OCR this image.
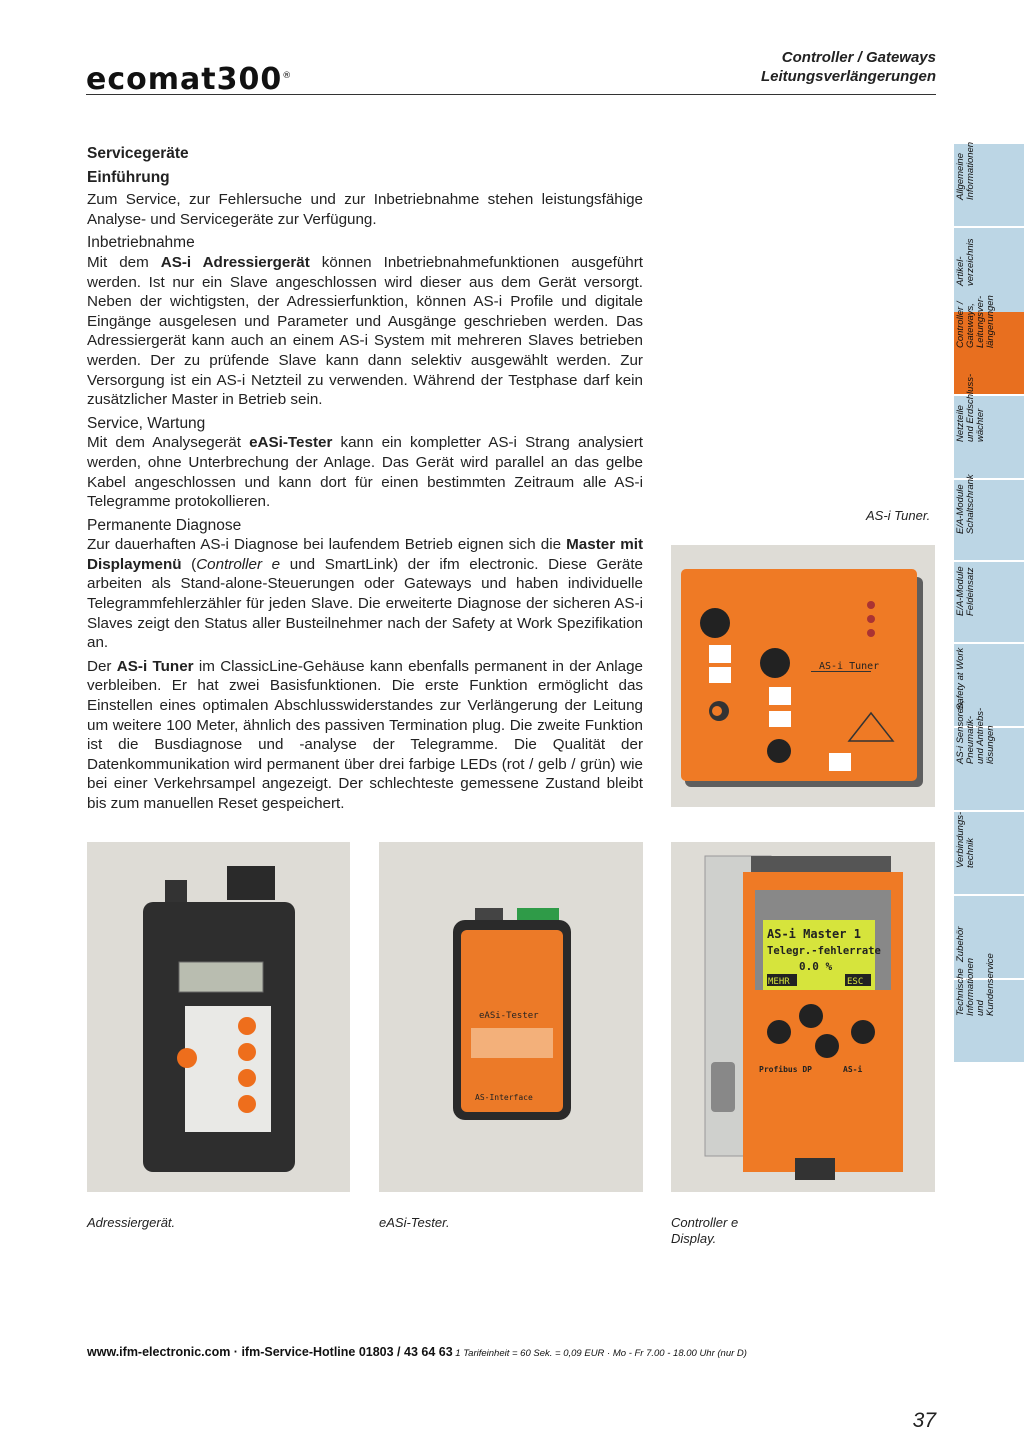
ecomat300®
Controller / Gateways
Leitungsverlängerungen

Servicegeräte

Einführung

Zum Service, zur Fehlersuche und zur Inbetriebnahme stehen leistungsfähige Analyse- und Servicegeräte zur Verfügung.

Inbetriebnahme

Mit dem AS-i Adressiergerät können Inbetriebnahmefunktionen ausgeführt werden. Ist nur ein Slave angeschlossen wird dieser aus dem Gerät versorgt. Neben der wichtigsten, der Adressierfunktion, können AS-i Profile und digitale Eingänge ausgelesen und Parameter und Ausgänge geschrieben werden. Das Adressiergerät kann auch an einem AS-i System mit mehreren Slaves betrieben werden. Der zu prüfende Slave kann dann selektiv ausgewählt werden. Zur Versorgung ist ein AS-i Netzteil zu verwenden. Während der Testphase darf kein zusätzlicher Master in Betrieb sein.

Service, Wartung

Mit dem Analysegerät eASi-Tester kann ein kompletter AS-i Strang analysiert werden, ohne Unterbrechung der Anlage. Das Gerät wird parallel an das gelbe Kabel angeschlossen und kann dort für einen bestimmten Zeitraum alle AS-i Telegramme protokollieren.

Permanente Diagnose

Zur dauerhaften AS-i Diagnose bei laufendem Betrieb eignen sich die Master mit Displaymenü (Controller e und SmartLink) der ifm electronic. Diese Geräte arbeiten als Stand-alone-Steuerungen oder Gateways und haben individuelle Telegrammfehlerzähler für jeden Slave. Die erweiterte Diagnose der sicheren AS-i Slaves zeigt den Status aller Busteilnehmer nach der Safety at Work Spezifikation an.

Der AS-i Tuner im ClassicLine-Gehäuse kann ebenfalls permanent in der Anlage verbleiben. Er hat zwei Basisfunktionen. Die erste Funktion ermöglicht das Einstellen eines optimalen Abschlusswiderstandes zur Verlängerung der Leitung um weitere 100 Meter, ähnlich des passiven Termination plug. Die zweite Funktion ist die Busdiagnose und -analyse der Telegramme. Die Qualität der Datenkommunikation wird permanent über drei farbige LEDs (rot / gelb / grün) wie bei einer Verkehrsampel angezeigt. Der schlechteste gemessene Zustand bleibt bis zum manuellen Reset gespeichert.

Allgemeine
Informationen
Artikel-
verzeichnis
Controller /
Gateways,
Leitungsver-
längerungen
Netzteile
und Erdschluss-
wächter
E/A-Module
Schaltschrank
E/A-Module
Feldeinsatz
Safety at Work
AS-i Sensoren,
Pneumatik-
und Antriebs-
lösungen
Verbindungs-
technik
Zubehör
Technische
Informationen
und
Kundenservice
AS-i Tuner.
AS-i Tuner
eASi-Tester
AS-Interface
AS-i Master 1
Telegr.-fehlerrate
0.0 %
MEHR	ESC
Profibus DP	AS-i
Adressiergerät.	eASi-Tester.	Controller e
Display.
www.ifm-electronic.com · ifm-Service-Hotline 01803 / 43 64 63 1 Tarifeinheit = 60 Sek. = 0,09 EUR · Mo - Fr 7.00 - 18.00 Uhr (nur D)
37
